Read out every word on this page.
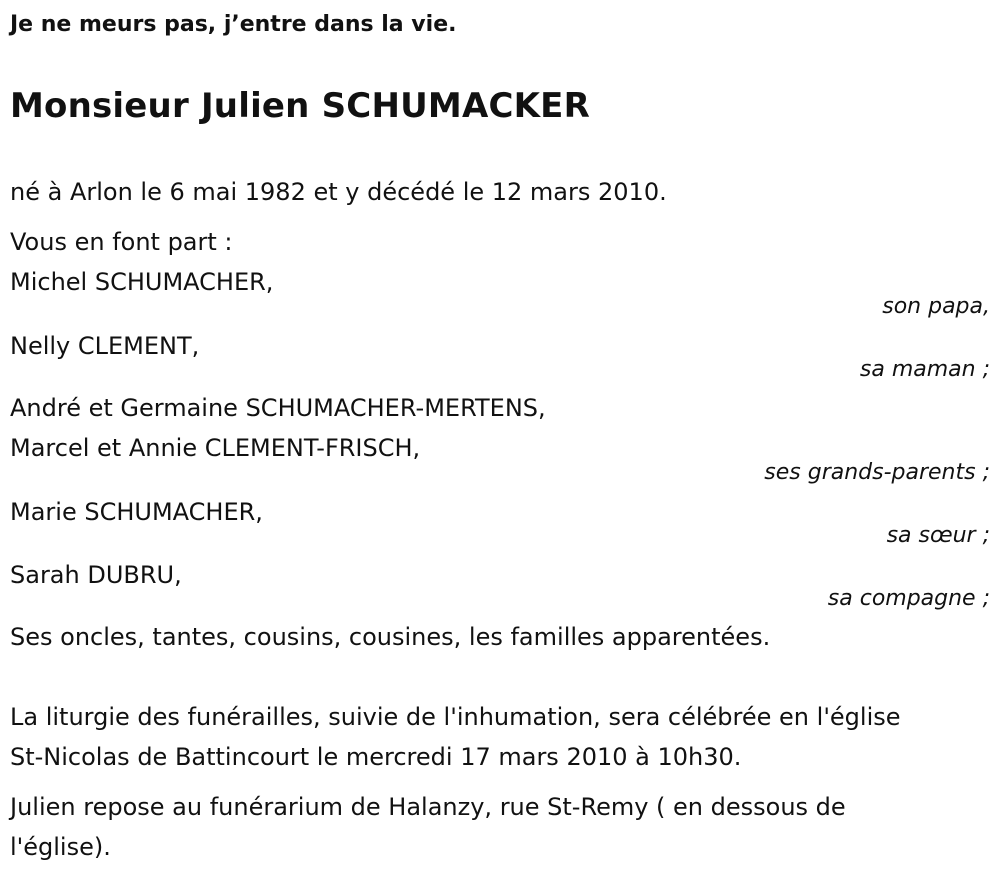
Je ne meurs pas, j’entre dans la vie.
Monsieur Julien SCHUMACKER
né à Arlon le 6 mai 1982 et y décédé le 12 mars 2010.
Vous en font part :
Michel SCHUMACHER,
son papa,
Nelly CLEMENT,
sa maman ;
André et Germaine SCHUMACHER-MERTENS,
Marcel et Annie CLEMENT-FRISCH,
ses grands-parents ;
Marie SCHUMACHER,
sa sœur ;
Sarah DUBRU,
sa compagne ;
Ses oncles, tantes, cousins, cousines, les familles apparentées.
La liturgie des funérailles, suivie de l'inhumation, sera célébrée en l'église
St-Nicolas de Battincourt le mercredi 17 mars 2010 à 10h30.
Julien repose au funérarium de Halanzy, rue St-Remy ( en dessous de
l'église).
